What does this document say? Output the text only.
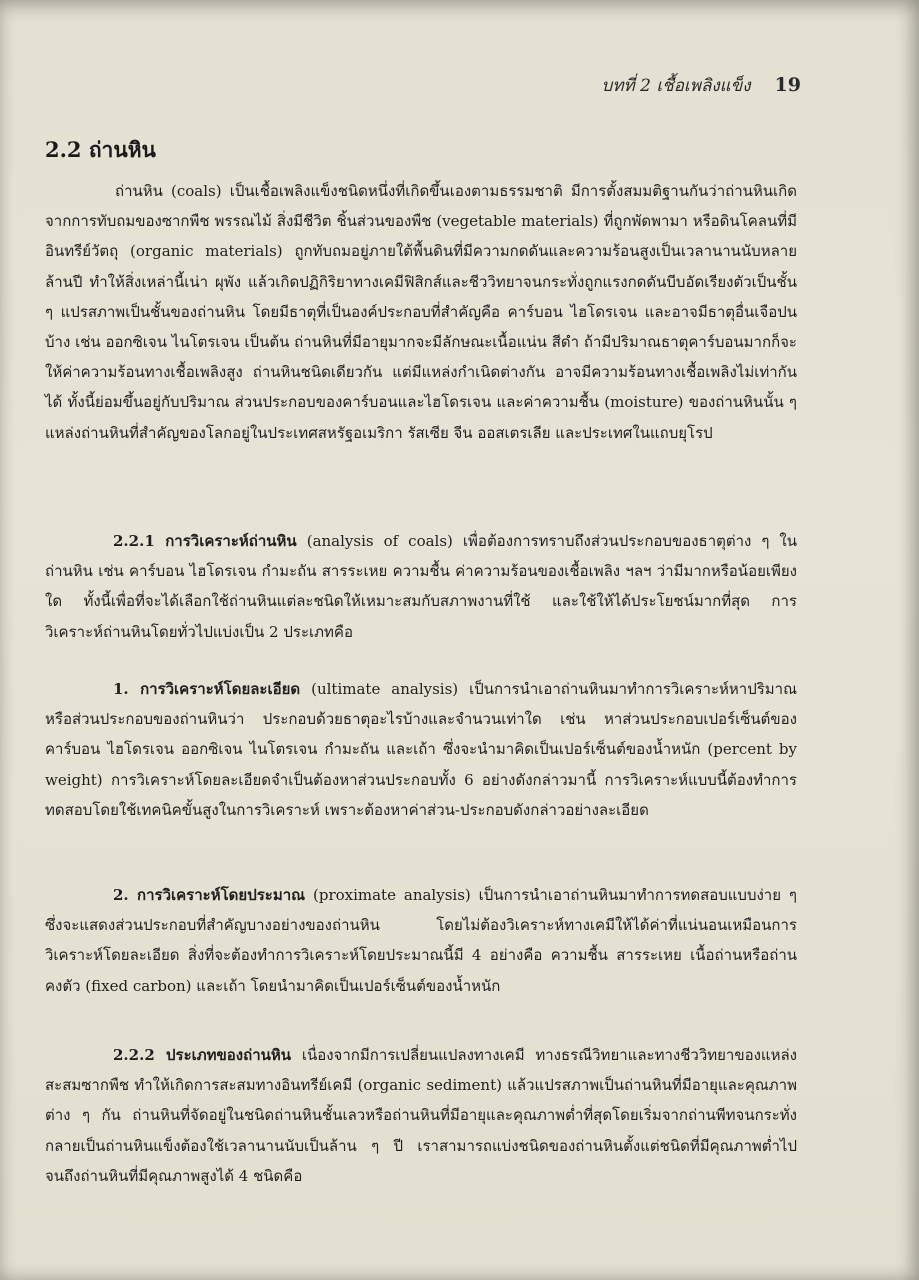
บทที่ 2 เชื้อเพลิงแข็ง 19
2.2 ถ่านหิน

ถ่านหิน (coals) เป็นเชื้อเพลิงแข็งชนิดหนึ่งที่เกิดขึ้นเองตามธรรมชาติ มีการตั้งสมมติฐานกันว่าถ่านหินเกิดจากการทับถมของซากพืช พรรณไม้ สิ่งมีชีวิต ชิ้นส่วนของพืช (vegetable materials) ที่ถูกพัดพามา หรือดินโคลนที่มีอินทรีย์วัตถุ (organic materials) ถูกทับถมอยู่ภายใต้พื้นดินที่มีความกดดันและความร้อนสูงเป็นเวลานานนับหลายล้านปี ทำให้สิ่งเหล่านี้เน่า ผุพัง แล้วเกิดปฏิกิริยาทางเคมีฟิสิกส์และชีววิทยาจนกระทั่งถูกแรงกดดันบีบอัดเรียงตัวเป็นชั้น ๆ แปรสภาพเป็นชั้นของถ่านหิน โดยมีธาตุที่เป็นองค์ประกอบที่สำคัญคือ คาร์บอน ไฮโดรเจน และอาจมีธาตุอื่นเจือปนบ้าง เช่น ออกซิเจน ไนโตรเจน เป็นต้น ถ่านหินที่มีอายุมากจะมีลักษณะเนื้อแน่น สีดำ ถ้ามีปริมาณธาตุคาร์บอนมากก็จะให้ค่าความร้อนทางเชื้อเพลิงสูง ถ่านหินชนิดเดียวกัน แต่มีแหล่งกำเนิดต่างกัน อาจมีความร้อนทางเชื้อเพลิงไม่เท่ากันได้ ทั้งนี้ย่อมขึ้นอยู่กับปริมาณ ส่วนประกอบของคาร์บอนและไฮโดรเจน และค่าความชื้น (moisture) ของถ่านหินนั้น ๆ แหล่งถ่านหินที่สำคัญของโลกอยู่ในประเทศสหรัฐอเมริกา รัสเซีย จีน ออสเตรเลีย และประเทศในแถบยุโรป

2.2.1 การวิเคราะห์ถ่านหิน (analysis of coals) เพื่อต้องการทราบถึงส่วนประกอบของธาตุต่าง ๆ ในถ่านหิน เช่น คาร์บอน ไฮโดรเจน กำมะถัน สารระเหย ความชื้น ค่าความร้อนของเชื้อเพลิง ฯลฯ ว่ามีมากหรือน้อยเพียงใด ทั้งนี้เพื่อที่จะได้เลือกใช้ถ่านหินแต่ละชนิดให้เหมาะสมกับสภาพงานที่ใช้ และใช้ให้ได้ประโยชน์มากที่สุด การวิเคราะห์ถ่านหินโดยทั่วไปแบ่งเป็น 2 ประเภทคือ

1. การวิเคราะห์โดยละเอียด (ultimate analysis) เป็นการนำเอาถ่านหินมาทำการวิเคราะห์หาปริมาณหรือส่วนประกอบของถ่านหินว่า ประกอบด้วยธาตุอะไรบ้างและจำนวนเท่าใด เช่น หาส่วนประกอบเปอร์เซ็นต์ของคาร์บอน ไฮโดรเจน ออกซิเจน ไนโตรเจน กำมะถัน และเถ้า ซึ่งจะนำมาคิดเป็นเปอร์เซ็นต์ของน้ำหนัก (percent by weight) การวิเคราะห์โดยละเอียดจำเป็นต้องหาส่วนประกอบทั้ง 6 อย่างดังกล่าวมานี้ การวิเคราะห์แบบนี้ต้องทำการทดสอบโดยใช้เทคนิคขั้นสูงในการวิเคราะห์ เพราะต้องหาค่าส่วน-ประกอบดังกล่าวอย่างละเอียด

2. การวิเคราะห์โดยประมาณ (proximate analysis) เป็นการนำเอาถ่านหินมาทำการทดสอบแบบง่าย ๆ ซึ่งจะแสดงส่วนประกอบที่สำคัญบางอย่างของถ่านหิน โดยไม่ต้องวิเคราะห์ทางเคมีให้ได้ค่าที่แน่นอนเหมือนการวิเคราะห์โดยละเอียด สิ่งที่จะต้องทำการวิเคราะห์โดยประมาณนี้มี 4 อย่างคือ ความชื้น สารระเหย เนื้อถ่านหรือถ่านคงตัว (fixed carbon) และเถ้า โดยนำมาคิดเป็นเปอร์เซ็นต์ของน้ำหนัก

2.2.2 ประเภทของถ่านหิน เนื่องจากมีการเปลี่ยนแปลงทางเคมี ทางธรณีวิทยาและทางชีววิทยาของแหล่งสะสมซากพืช ทำให้เกิดการสะสมทางอินทรีย์เคมี (organic sediment) แล้วแปรสภาพเป็นถ่านหินที่มีอายุและคุณภาพต่าง ๆ กัน ถ่านหินที่จัดอยู่ในชนิดถ่านหินชั้นเลวหรือถ่านหินที่มีอายุและคุณภาพต่ำที่สุดโดยเริ่มจากถ่านพีทจนกระทั่งกลายเป็นถ่านหินแข็งต้องใช้เวลานานนับเป็นล้าน ๆ ปี เราสามารถแบ่งชนิดของถ่านหินตั้งแต่ชนิดที่มีคุณภาพต่ำไปจนถึงถ่านหินที่มีคุณภาพสูงได้ 4 ชนิดคือ
